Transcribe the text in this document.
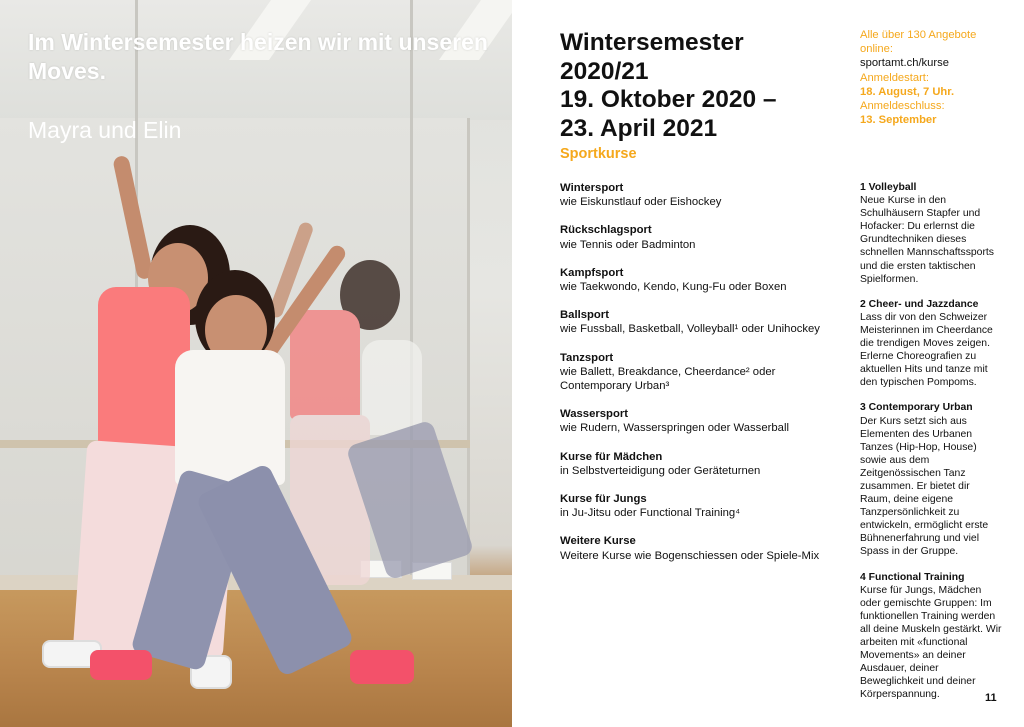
Im Wintersemester heizen wir mit unseren Moves.
Mayra und Elin
Wintersemester
2020/21
19. Oktober 2020 –
23. April 2021
Sportkurse
Alle über 130 Angebote online:
sportamt.ch/kurse
Anmeldestart:
18. August, 7 Uhr.
Anmeldeschluss:
13. September
Wintersport
wie Eiskunstlauf oder Eishockey
Rückschlagsport
wie Tennis oder Badminton
Kampfsport
wie Taekwondo, Kendo, Kung-Fu oder Boxen
Ballsport
wie Fussball, Basketball, Volleyball¹ oder Unihockey
Tanzsport
wie Ballett, Breakdance, Cheerdance² oder Contemporary Urban³
Wassersport
wie Rudern, Wasserspringen oder Wasserball
Kurse für Mädchen
in Selbstverteidigung oder Geräteturnen
Kurse für Jungs
in Ju-Jitsu oder Functional Training⁴
Weitere Kurse
Weitere Kurse wie Bogenschiessen oder Spiele-Mix
1 Volleyball
Neue Kurse in den Schulhäusern Stapfer und Hofacker: Du erlernst die Grundtechniken dieses schnellen Mannschaftssports und die ersten taktischen Spielformen.
2 Cheer- und Jazzdance
Lass dir von den Schweizer Meisterinnen im Cheerdance die trendigen Moves zeigen. Erlerne Choreografien zu aktuellen Hits und tanze mit den typischen Pompoms.
3 Contemporary Urban
Der Kurs setzt sich aus Elementen des Urbanen Tanzes (Hip-Hop, House) sowie aus dem Zeitgenössischen Tanz zusammen. Er bietet dir Raum, deine eigene Tanzpersönlichkeit zu entwickeln, ermöglicht erste Bühnenerfahrung und viel Spass in der Gruppe.
4 Functional Training
Kurse für Jungs, Mädchen oder gemischte Gruppen: Im funktionellen Training werden all deine Muskeln gestärkt. Wir arbeiten mit «functional Movements» an deiner Ausdauer, deiner Beweglichkeit und deiner Körperspannung.	11
